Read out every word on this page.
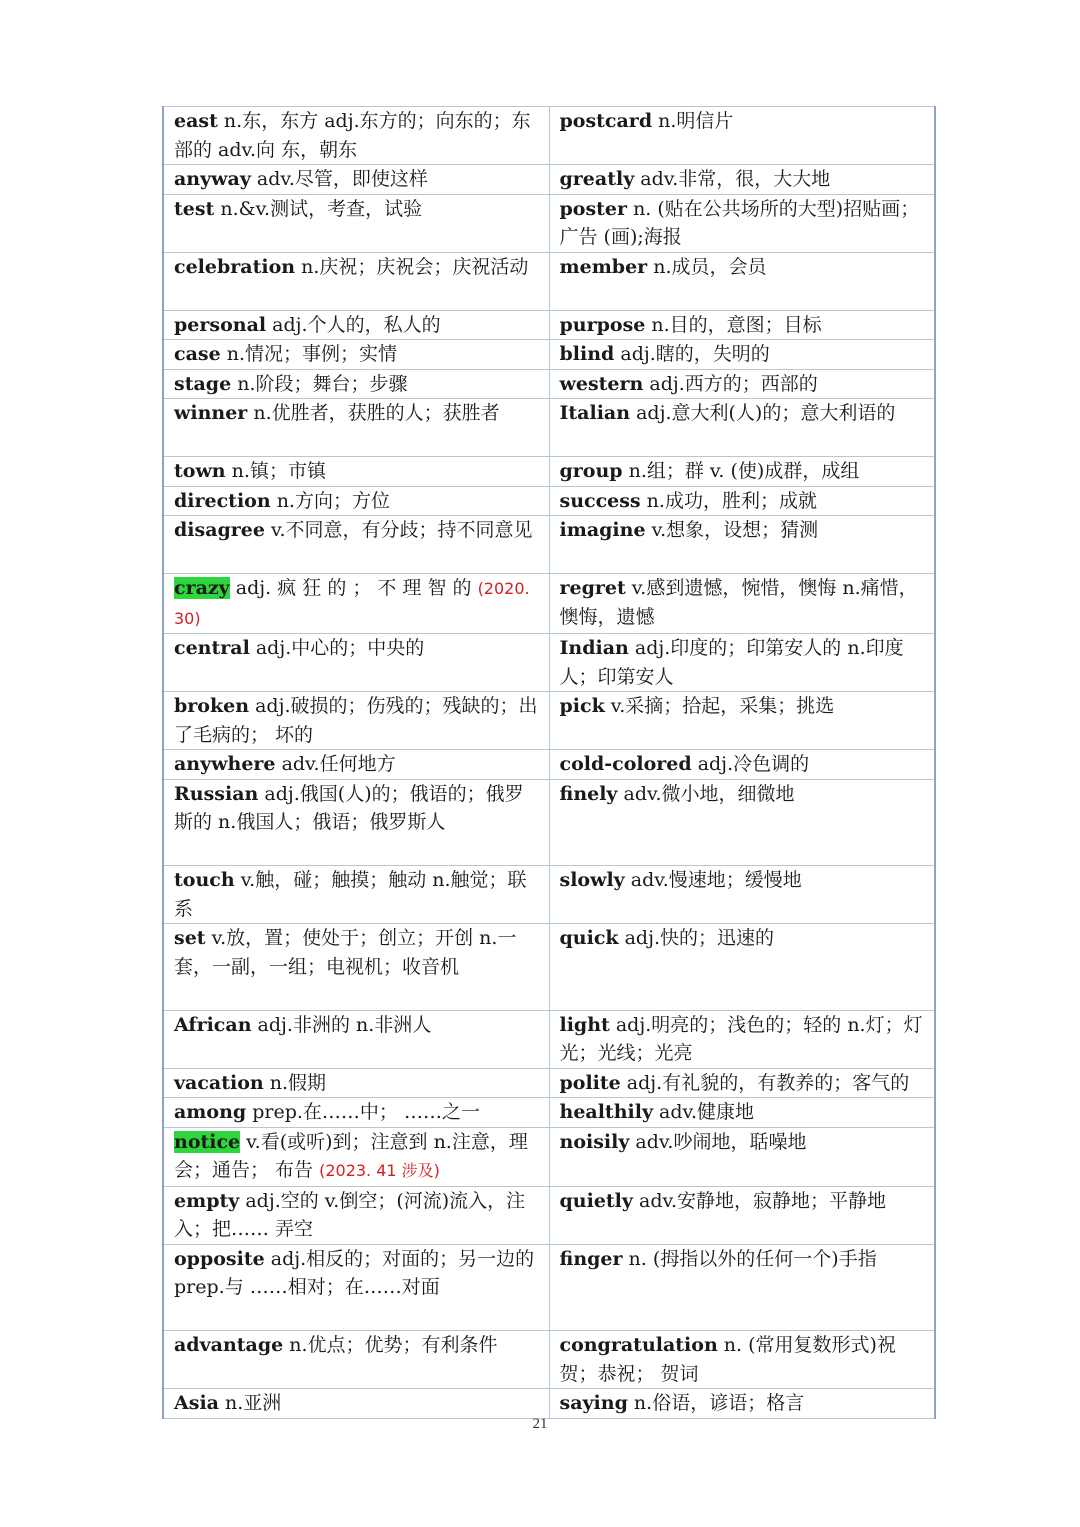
east n.东，东方 adj.东方的；向东的；东部的 adv.向 东，朝东	postcard n.明信片
anyway adv.尽管，即使这样	greatly adv.非常，很，大大地
test n.&v.测试，考查，试验	poster n. (贴在公共场所的大型)招贴画；广告 (画);海报
celebration n.庆祝；庆祝会；庆祝活动	member n.成员，会员
personal adj.个人的，私人的	purpose n.目的，意图；目标
case n.情况；事例；实情	blind adj.瞎的，失明的
stage n.阶段；舞台；步骤	western adj.西方的；西部的
winner n.优胜者，获胜的人；获胜者	Italian adj.意大利(人)的；意大利语的
town n.镇；市镇	group n.组；群 v. (使)成群，成组
direction n.方向；方位	success n.成功，胜利；成就
disagree v.不同意，有分歧；持不同意见	imagine v.想象，设想；猜测
crazy adj. 疯 狂 的 ； 不 理 智 的 (2020. 30)	regret v.感到遗憾，惋惜，懊悔 n.痛惜，懊悔，遗憾
central adj.中心的；中央的	Indian adj.印度的；印第安人的 n.印度人；印第安人
broken adj.破损的；伤残的；残缺的；出了毛病的； 坏的	pick v.采摘；拾起，采集；挑选
anywhere adv.任何地方	cold-colored adj.冷色调的
Russian adj.俄国(人)的；俄语的；俄罗斯的 n.俄国人；俄语；俄罗斯人	finely adv.微小地，细微地
touch v.触，碰；触摸；触动 n.触觉；联系	slowly adv.慢速地；缓慢地
set v.放，置；使处于；创立；开创 n.一套，一副，一组；电视机；收音机	quick adj.快的；迅速的
African adj.非洲的 n.非洲人	light adj.明亮的；浅色的；轻的 n.灯；灯光；光线；光亮
vacation n.假期	polite adj.有礼貌的，有教养的；客气的
among prep.在……中； ……之一	healthily adv.健康地
notice v.看(或听)到；注意到 n.注意，理会；通告； 布告 (2023. 41 涉及)	noisily adv.吵闹地，聒噪地
empty adj.空的 v.倒空；(河流)流入，注入；把…… 弄空	quietly adv.安静地，寂静地；平静地
opposite adj.相反的；对面的；另一边的 prep.与 ……相对；在……对面	finger n. (拇指以外的任何一个)手指
advantage n.优点；优势；有利条件	congratulation n. (常用复数形式)祝贺；恭祝； 贺词
Asia n.亚洲	saying n.俗语，谚语；格言
21
